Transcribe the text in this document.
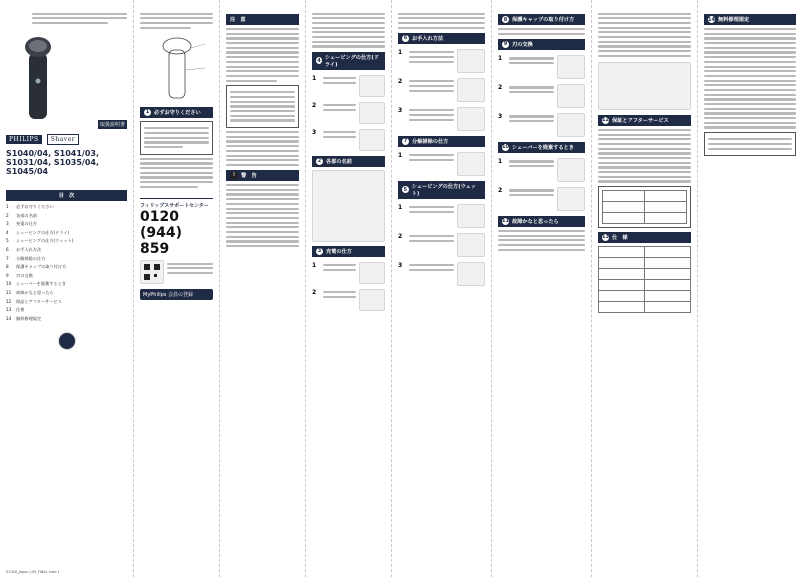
PHILIPS Shaver
S1040/04, S1041/03, S1031/04, S1035/04, S1045/04
取扱説明書
目　次
1	必ずお守りください
2	各部の名前
3	充電の仕方
4	シェービングの仕方(ドライ)
5	シェービングの仕方(ウェット)
6	お手入れ方法
7	分解掃除の仕方
8	保護キャップの取り付け方
9	刃の交換
10	シェーバーを廃棄するとき
11	故障かなと思ったら
12	保証とアフターサービス
13	仕様
14	無料修理規定
S1000_Japan_UM_FINAL.indd 1
1 必ずお守りください
フィリップスサポートセンター
0120 (944) 859
MyPhilips 会員の登録
注　意
!	警　告
4 シェービングの仕方(ドライ)
1
2
3
2 各部の名前
3 充電の仕方
1
2
6 お手入れ方法
1
2
3
7 分解掃除の仕方
1
5 シェービングの仕方(ウェット)
1
2
3
8 保護キャップの取り付け方
9 刃の交換
1
2
3
10 シェーバーを廃棄するとき
1
2
11 故障かなと思ったら
12 保証とアフターサービス

13 仕　様

14 無料修理規定
